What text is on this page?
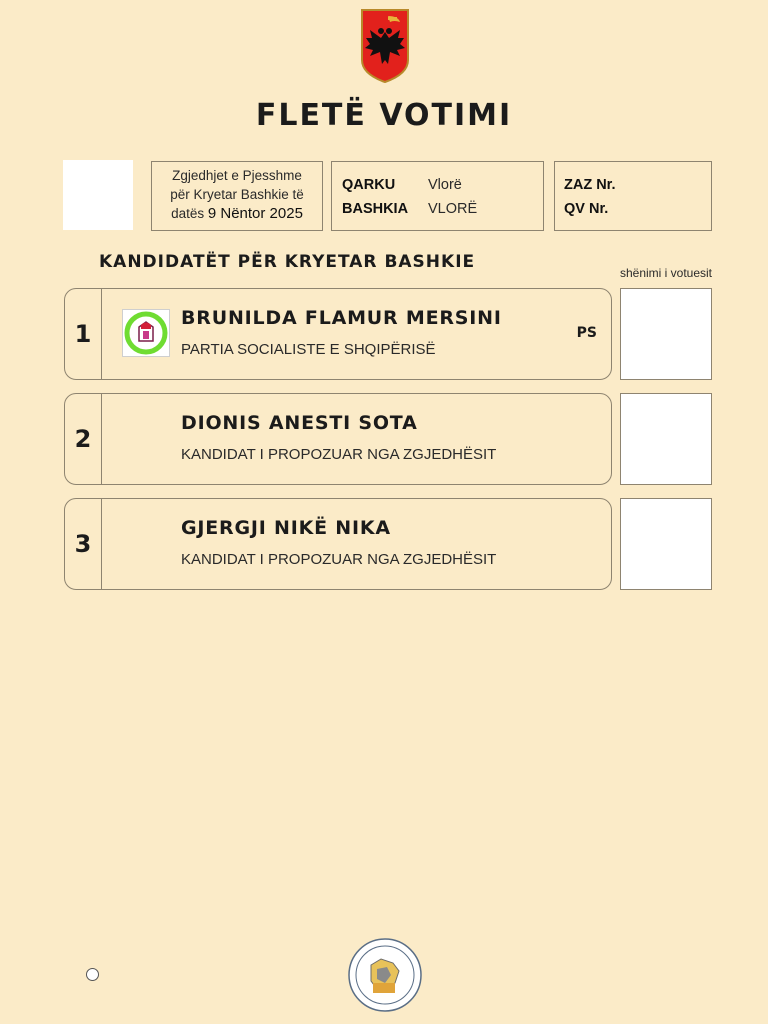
FLETË VOTIMI
Zgjedhjet e Pjesshme
për Kryetar Bashkie të
datës 9 Nëntor 2025
QARKU	Vlorë
BASHKIA	VLORË
ZAZ Nr.
QV Nr.
KANDIDATËT PËR KRYETAR BASHKIE
shënimi i votuesit
1
BRUNILDA FLAMUR MERSINI
PARTIA SOCIALISTE E SHQIPËRISË
PS
2
DIONIS ANESTI SOTA
KANDIDAT I PROPOZUAR NGA ZGJEDHËSIT
3
GJERGJI NIKË NIKA
KANDIDAT I PROPOZUAR NGA ZGJEDHËSIT
